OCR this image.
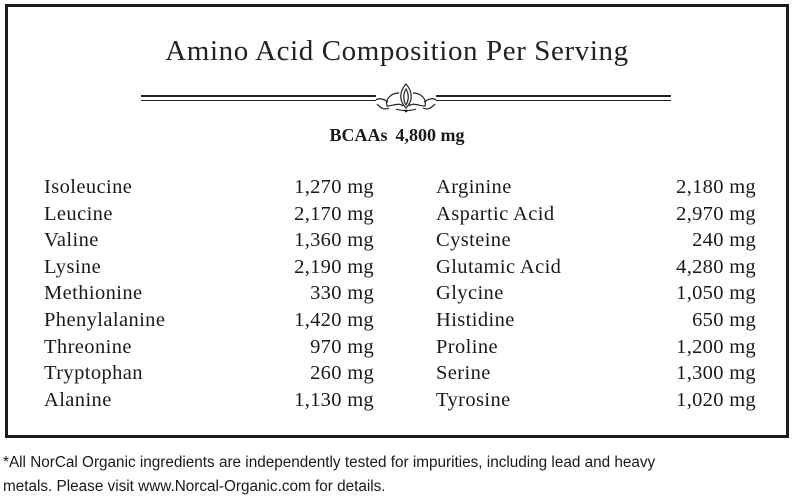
Amino Acid Composition Per Serving
BCAAs 4,800 mg
Isoleucine	1,270 mg
Leucine	2,170 mg
Valine	1,360 mg
Lysine	2,190 mg
Methionine	330 mg
Phenylalanine	1,420 mg
Threonine	970 mg
Tryptophan	260 mg
Alanine	1,130 mg
Arginine	2,180 mg
Aspartic Acid	2,970 mg
Cysteine	240 mg
Glutamic Acid	4,280 mg
Glycine	1,050 mg
Histidine	650 mg
Proline	1,200 mg
Serine	1,300 mg
Tyrosine	1,020 mg
*All NorCal Organic ingredients are independently tested for impurities, including lead and heavy
metals. Please visit www.Norcal-Organic.com for details.
